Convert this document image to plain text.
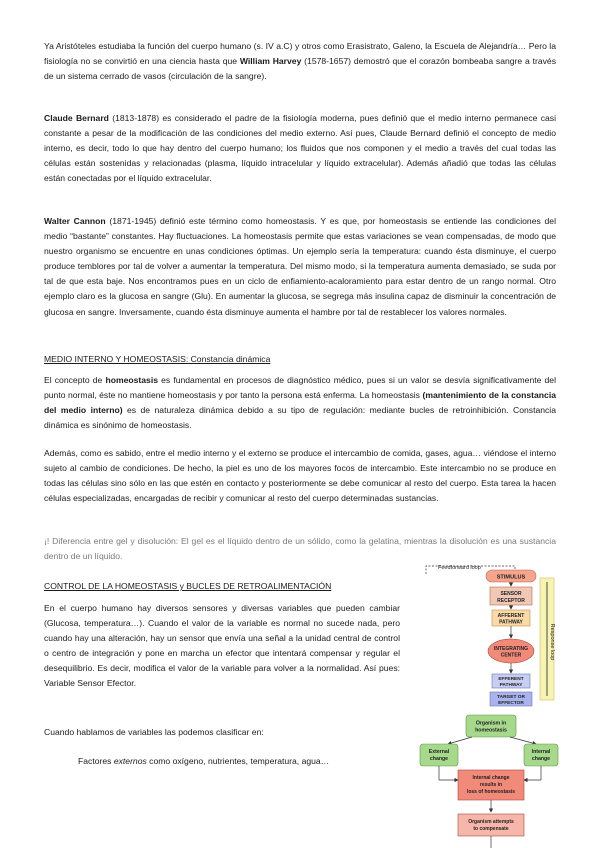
Ya Aristóteles estudiaba la función del cuerpo humano (s. IV a.C) y otros como Erasistrato, Galeno, la Escuela de Alejandría… Pero la fisiología no se convirtió en una ciencia hasta que William Harvey (1578-1657) demostró que el corazón bombeaba sangre a través de un sistema cerrado de vasos (circulación de la sangre).

Claude Bernard (1813-1878) es considerado el padre de la fisiología moderna, pues definió que el medio interno permanece casi constante a pesar de la modificación de las condiciones del medio externo. Así pues, Claude Bernard definió el concepto de medio interno, es decir, todo lo que hay dentro del cuerpo humano; los fluidos que nos componen y el medio a través del cual todas las células están sostenidas y relacionadas (plasma, líquido intracelular y líquido extracelular). Además añadió que todas las células están conectadas por el líquido extracelular.

Walter Cannon (1871-1945) definió este término como homeostasis. Y es que, por homeostasis se entiende las condiciones del medio “bastante” constantes. Hay fluctuaciones. La homeostasis permite que estas variaciones se vean compensadas, de modo que nuestro organismo se encuentre en unas condiciones óptimas. Un ejemplo sería la temperatura: cuando ésta disminuye, el cuerpo produce temblores por tal de volver a aumentar la temperatura. Del mismo modo, si la temperatura aumenta demasiado, se suda por tal de que esta baje. Nos encontramos pues en un ciclo de enfiamiento-acaloramiento para estar dentro de un rango normal. Otro ejemplo claro es la glucosa en sangre (Glu). En aumentar la glucosa, se segrega más insulina capaz de disminuir la concentración de glucosa en sangre. Inversamente, cuando ésta disminuye aumenta el hambre por tal de restablecer los valores normales.

MEDIO INTERNO Y HOMEOSTASIS: Constancia dinámica

El concepto de homeostasis es fundamental en procesos de diagnóstico médico, pues si un valor se desvía significativamente del punto normal, éste no mantiene homeostasis y por tanto la persona está enferma. La homeostasis (mantenimiento de la constancia del medio interno) es de naturaleza dinámica debido a su tipo de regulación: mediante bucles de retroinhibición. Constancia dinámica es sinónimo de homeostasis.

Además, como es sabido, entre el medio interno y el externo se produce el intercambio de comida, gases, agua… viéndose el interno sujeto al cambio de condiciones. De hecho, la piel es uno de los mayores focos de intercambio. Este intercambio no se produce en todas las células sino sólo en las que estén en contacto y posteriormente se debe comunicar al resto del cuerpo. Esta tarea la hacen células especializadas, encargadas de recibir y comunicar al resto del cuerpo determinadas sustancias.

¡! Diferencia entre gel y disolución: El gel es el líquido dentro de un sólido, como la gelatina, mientras la disolución es una sustancia dentro de un líquido.

CONTROL DE LA HOMEOSTASIS y BUCLES DE RETROALIMENTACIÓN

En el cuerpo humano hay diversos sensores y diversas variables que pueden cambiar (Glucosa, temperatura…). Cuando el valor de la variable es normal no sucede nada, pero cuando hay una alteración, hay un sensor que envía una señal a la unidad central de control o centro de integración y pone en marcha un efector que intentará compensar y regular el desequilibrio. Es decir, modifica el valor de la variable para volver a la normalidad. Así pues: Variable Sensor Efector.

Cuando hablamos de variables las podemos clasificar en:

Factores externos como oxígeno, nutrientes, temperatura, agua…

Feedforward loop
Response loop
STIMULUS
SENSOR
RECEPTOR
AFFERENT
PATHWAY
INTEGRATING
CENTER
EFFERENT
PATHWAY
TARGET OR
EFFECTOR
Organism in
homeostasis
External
change
Internal
change
Internal change
results in
loss of homeostasis
Organism attempts
to compensate
